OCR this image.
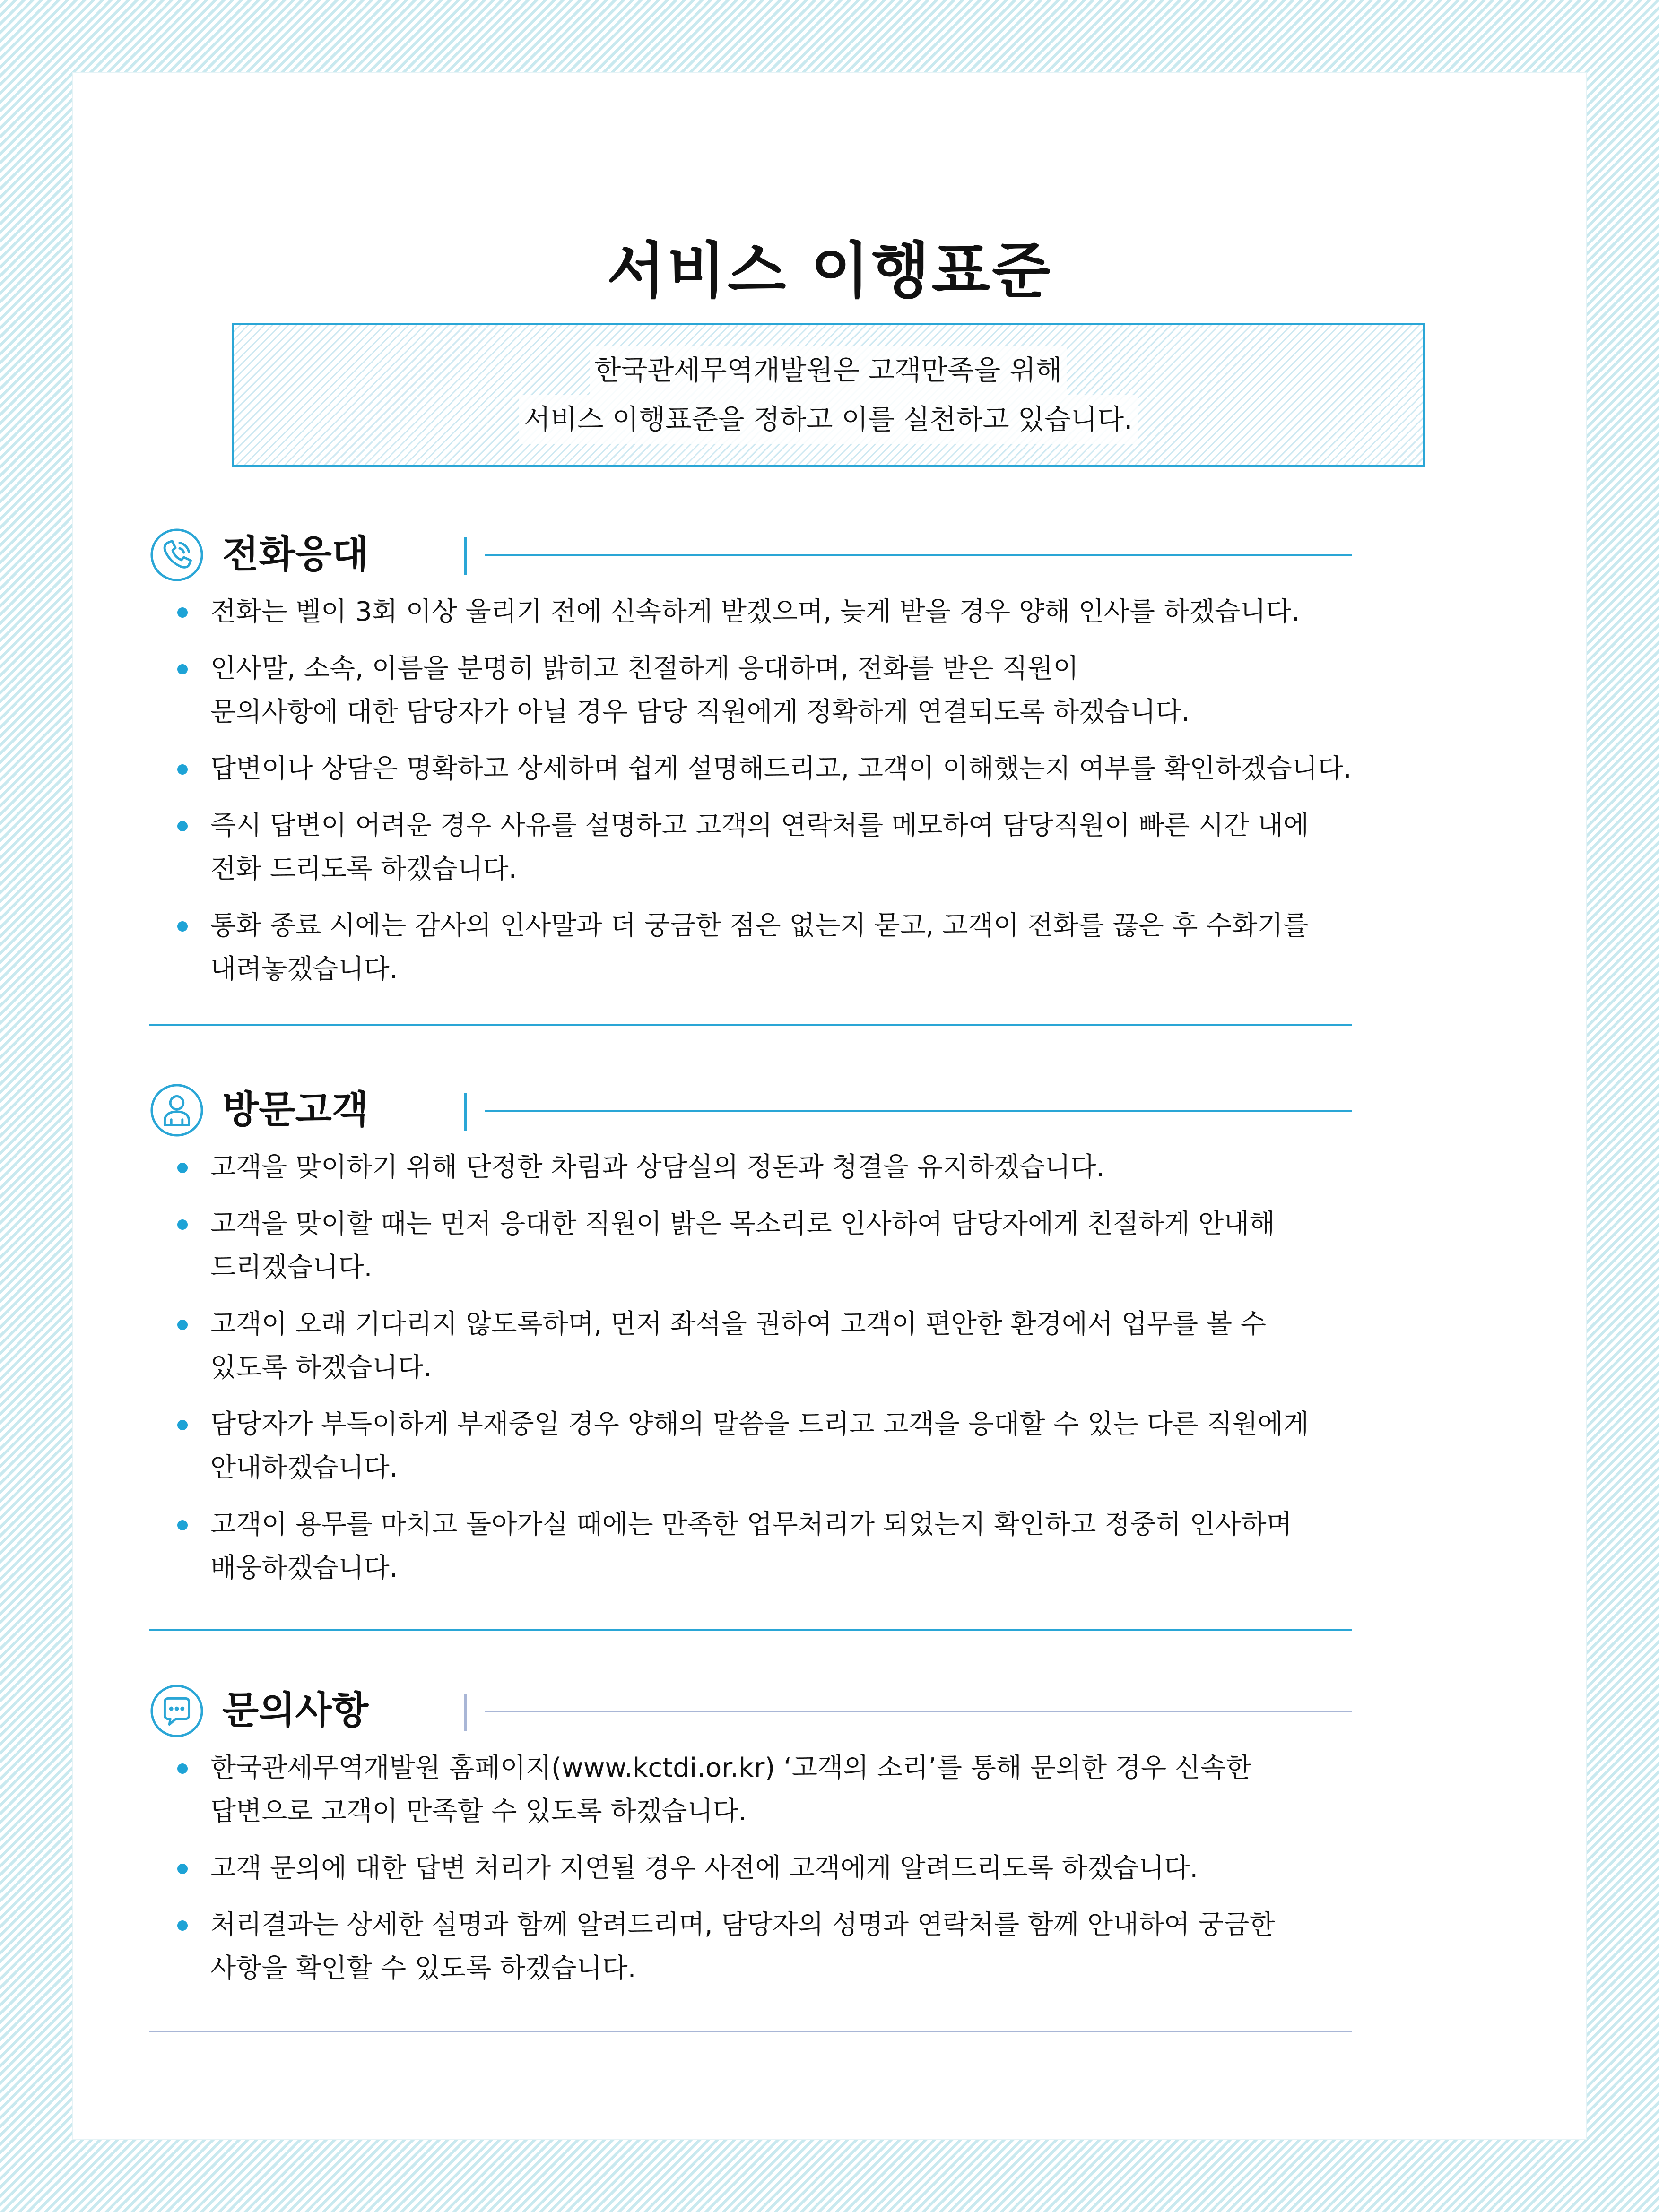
서비스 이행표준
한국관세무역개발원은 고객만족을 위해
서비스 이행표준을 정하고 이를 실천하고 있습니다.
전화응대
전화는 벨이 3회 이상 울리기 전에 신속하게 받겠으며, 늦게 받을 경우 양해 인사를 하겠습니다.
인사말, 소속, 이름을 분명히 밝히고 친절하게 응대하며, 전화를 받은 직원이
문의사항에 대한 담당자가 아닐 경우 담당 직원에게 정확하게 연결되도록 하겠습니다.
답변이나 상담은 명확하고 상세하며 쉽게 설명해드리고, 고객이 이해했는지 여부를 확인하겠습니다.
즉시 답변이 어려운 경우 사유를 설명하고 고객의 연락처를 메모하여 담당직원이 빠른 시간 내에
전화 드리도록 하겠습니다.
통화 종료 시에는 감사의 인사말과 더 궁금한 점은 없는지 묻고, 고객이 전화를 끊은 후 수화기를
내려놓겠습니다.
방문고객
고객을 맞이하기 위해 단정한 차림과 상담실의 정돈과 청결을 유지하겠습니다.
고객을 맞이할 때는 먼저 응대한 직원이 밝은 목소리로 인사하여 담당자에게 친절하게 안내해
드리겠습니다.
고객이 오래 기다리지 않도록하며, 먼저 좌석을 권하여 고객이 편안한 환경에서 업무를 볼 수
있도록 하겠습니다.
담당자가 부득이하게 부재중일 경우 양해의 말씀을 드리고 고객을 응대할 수 있는 다른 직원에게
안내하겠습니다.
고객이 용무를 마치고 돌아가실 때에는 만족한 업무처리가 되었는지 확인하고 정중히 인사하며
배웅하겠습니다.
문의사항
한국관세무역개발원 홈페이지(www.kctdi.or.kr) ‘고객의 소리’를 통해 문의한 경우 신속한
답변으로 고객이 만족할 수 있도록 하겠습니다.
고객 문의에 대한 답변 처리가 지연될 경우 사전에 고객에게 알려드리도록 하겠습니다.
처리결과는 상세한 설명과 함께 알려드리며, 담당자의 성명과 연락처를 함께 안내하여 궁금한
사항을 확인할 수 있도록 하겠습니다.
